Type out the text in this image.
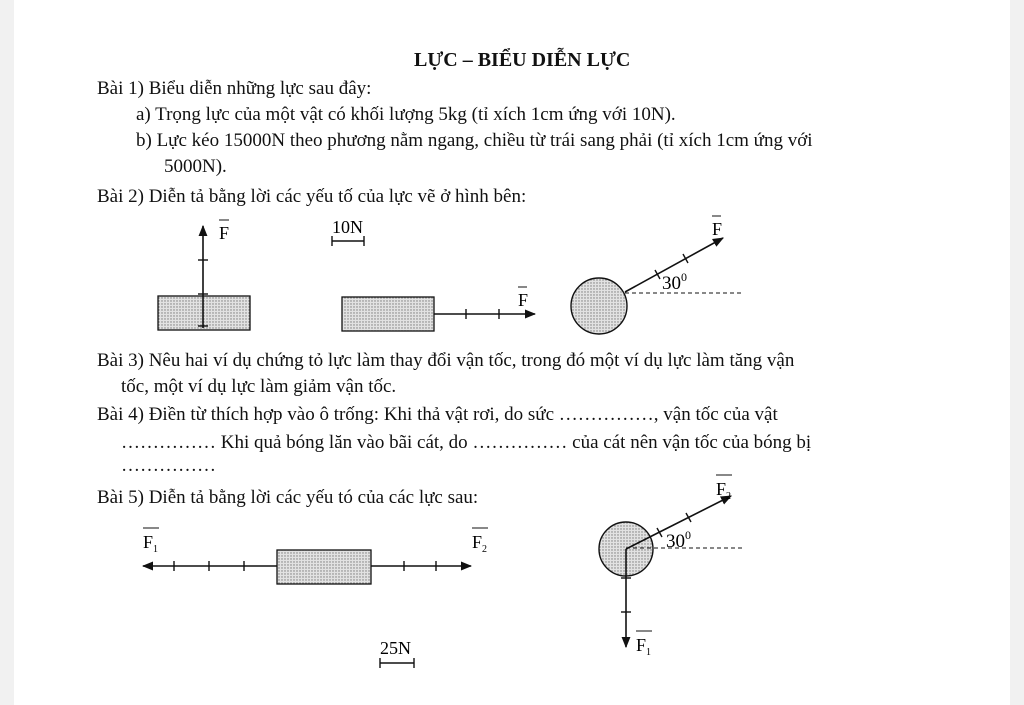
LỰC – BIỂU DIỄN LỰC
Bài 1) Biểu diễn những lực sau đây:
a) Trọng lực của một vật có khối lượng 5kg (tỉ xích 1cm ứng với 10N).
b) Lực kéo 15000N theo phương nằm ngang, chiều từ trái sang phải (tỉ xích 1cm ứng với
5000N).
Bài 2) Diễn tả bằng lời các yếu tố của lực vẽ ở hình bên:
F	10N
F
F
$30^0$
$F_1$	$F_2$
25N
$30^0$
$F_2$
$F_1$
Bài 3) Nêu hai ví dụ chứng tỏ lực làm thay đổi vận tốc, trong đó một ví dụ lực làm tăng vận
tốc, một ví dụ lực làm giảm vận tốc.
Bài 4) Điền từ thích hợp vào ô trống: Khi thả vật rơi, do sức ……………, vận tốc của vật
…………… Khi quả bóng lăn vào bãi cát, do …………… của cát nên vận tốc của bóng bị
……………
Bài 5) Diễn tả bằng lời các yếu tó của các lực sau:
